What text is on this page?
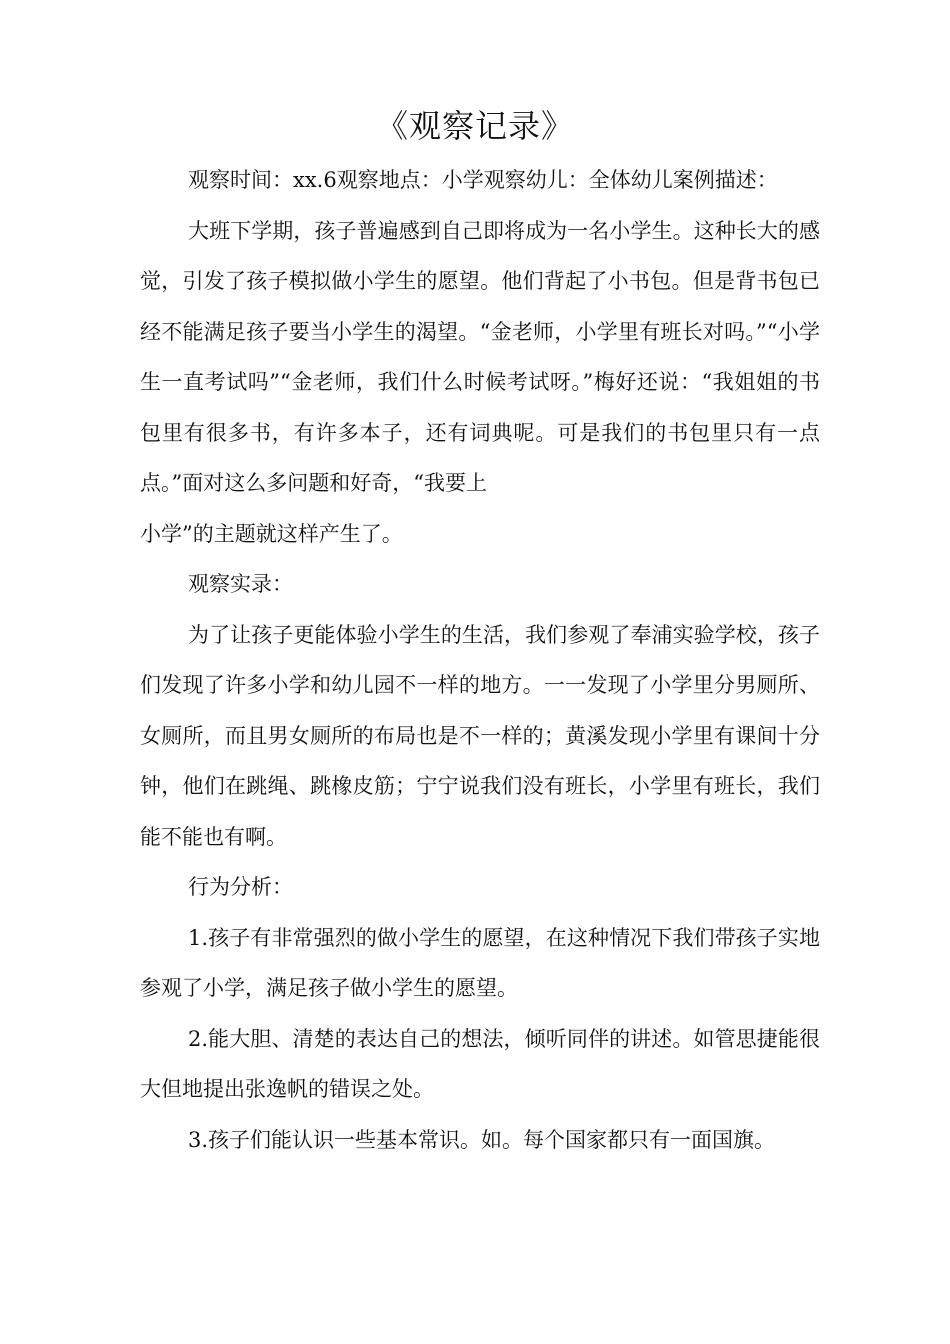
《观察记录》

观察时间：xx.6观察地点：小学观察幼儿：全体幼儿案例描述：

大班下学期，孩子普遍感到自己即将成为一名小学生。这种长大的感觉，引发了孩子模拟做小学生的愿望。他们背起了小书包。但是背书包已经不能满足孩子要当小学生的渴望。“金老师，小学里有班长对吗。”“小学生一直考试吗”“金老师，我们什么时候考试呀。”梅好还说：“我姐姐的书包里有很多书，有许多本子，还有词典呢。可是我们的书包里只有一点点。”面对这么多问题和好奇，“我要上

小学”的主题就这样产生了。

观察实录：

为了让孩子更能体验小学生的生活，我们参观了奉浦实验学校，孩子们发现了许多小学和幼儿园不一样的地方。一一发现了小学里分男厕所、女厕所，而且男女厕所的布局也是不一样的；黄溪发现小学里有课间十分钟，他们在跳绳、跳橡皮筋；宁宁说我们没有班长，小学里有班长，我们能不能也有啊。

行为分析：

1.孩子有非常强烈的做小学生的愿望，在这种情况下我们带孩子实地参观了小学，满足孩子做小学生的愿望。

2.能大胆、清楚的表达自己的想法，倾听同伴的讲述。如管思捷能很大但地提出张逸帆的错误之处。

3.孩子们能认识一些基本常识。如。每个国家都只有一面国旗。
